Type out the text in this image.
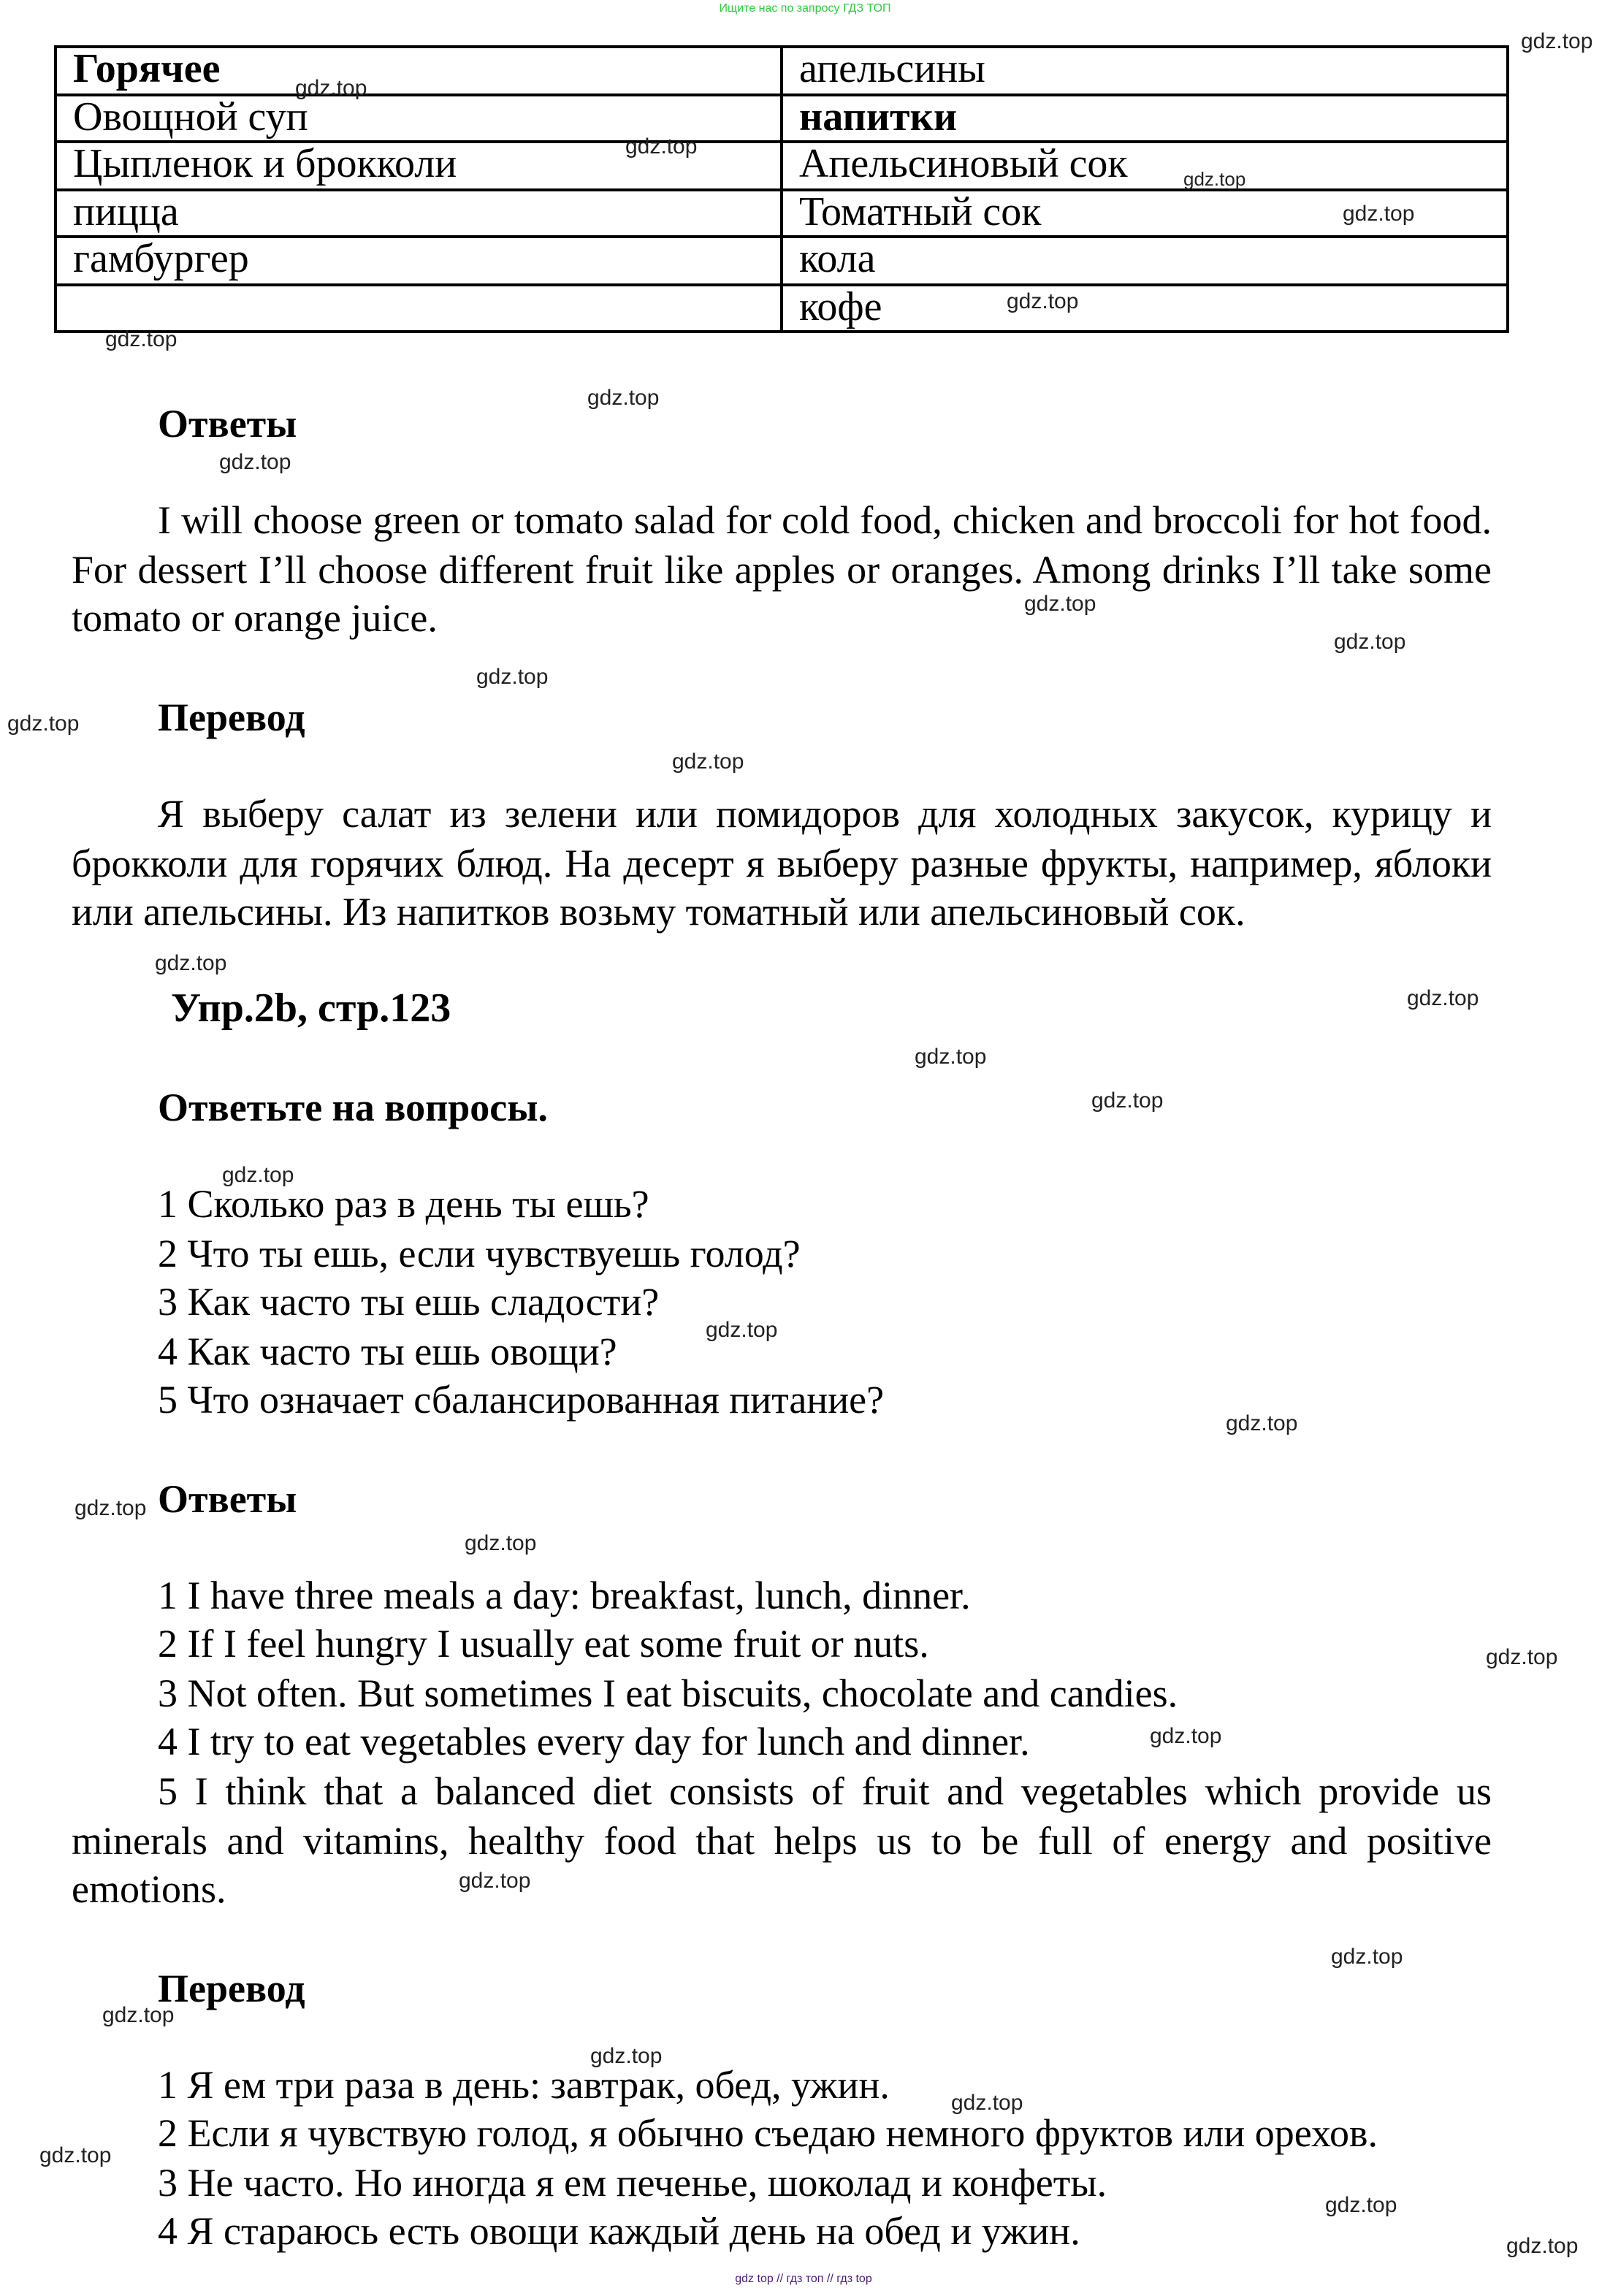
Ищите нас по запросу ГДЗ ТОП
Горячее	апельсины
Овощной суп	напитки
Цыпленок и брокколи	Апельсиновый сок
пицца	Томатный сок
гамбургер	кола
	кофе
Ответы
I will choose green or tomato salad for cold food, chicken and broccoli for hot food. For dessert I’ll choose different fruit like apples or oranges. Among drinks I’ll take some tomato or orange juice.
Перевод
Я выберу салат из зелени или помидоров для холодных закусок, курицу и брокколи для горячих блюд. На десерт я выберу разные фрукты, например, яблоки или апельсины. Из напитков возьму томатный или апельсиновый сок.
Упр.2b, стр.123
Ответьте на вопросы.
1 Сколько раз в день ты ешь?
2 Что ты ешь, если чувствуешь голод?
3 Как часто ты ешь сладости?
4 Как часто ты ешь овощи?
5 Что означает сбалансированная питание?
Ответы
1 I have three meals a day: breakfast, lunch, dinner.
2 If I feel hungry I usually eat some fruit or nuts.
3 Not often. But sometimes I eat biscuits, chocolate and candies.
4 I try to eat vegetables every day for lunch and dinner.
5 I think that a balanced diet consists of fruit and vegetables which provide us minerals and vitamins, healthy food that helps us to be full of energy and positive emotions.
Перевод
1 Я ем три раза в день: завтрак, обед, ужин.
2 Если я чувствую голод, я обычно съедаю немного фруктов или орехов.
3 Не часто. Но иногда я ем печенье, шоколад и конфеты.
4 Я стараюсь есть овощи каждый день на обед и ужин.
gdz.top
gdz.top
gdz.top
gdz.top
gdz.top
gdz.top
gdz.top
gdz.top
gdz.top
gdz.top
gdz.top
gdz.top
gdz.top
gdz.top
gdz.top
gdz.top
gdz.top
gdz.top
gdz.top
gdz.top
gdz.top
gdz.top
gdz.top
gdz.top
gdz.top
gdz.top
gdz.top
gdz.top
gdz.top
gdz.top
gdz.top
gdz.top
gdz.top
gdz top // гдз топ // гдз top
